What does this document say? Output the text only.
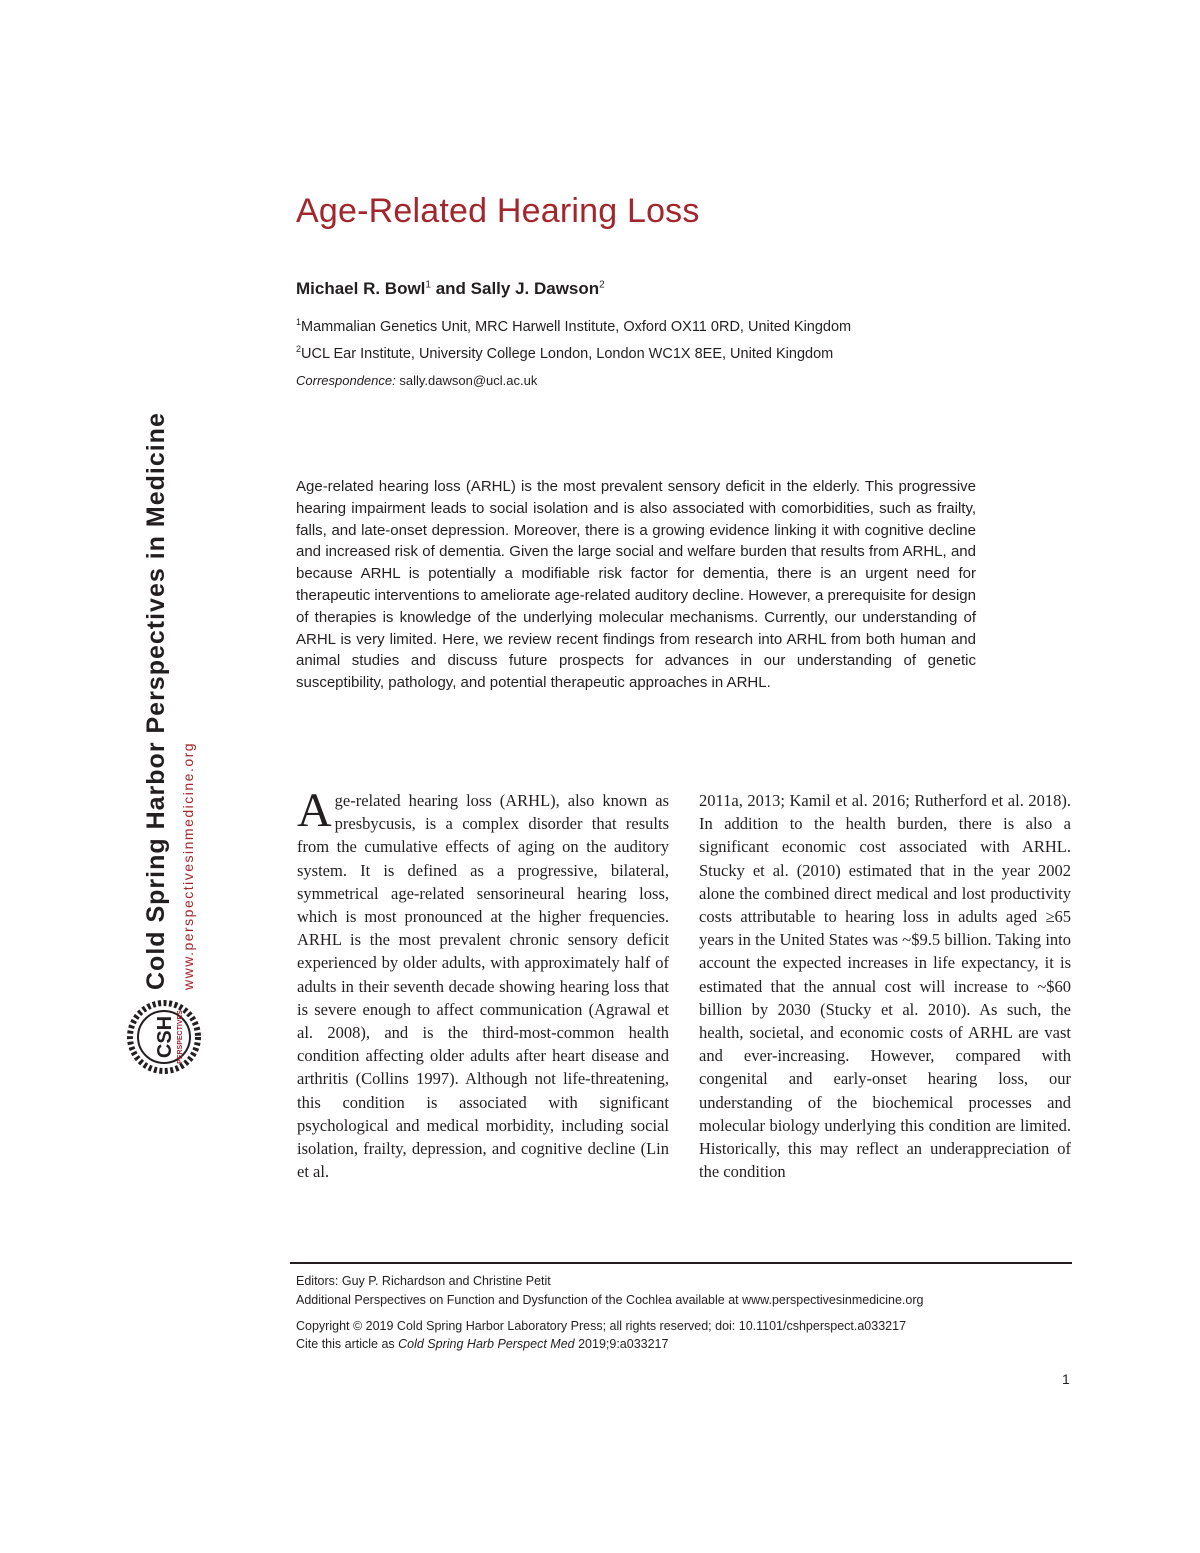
Cold Spring Harbor Perspectives in Medicine www.perspectivesinmedicine.org
CSH PERSPECTIVES
Age-Related Hearing Loss
Michael R. Bowl$^1$ and Sally J. Dawson$^2$
$^1$Mammalian Genetics Unit, MRC Harwell Institute, Oxford OX11 0RD, United Kingdom
$^2$UCL Ear Institute, University College London, London WC1X 8EE, United Kingdom
Correspondence: sally.dawson@ucl.ac.uk
Age-related hearing loss (ARHL) is the most prevalent sensory deficit in the elderly. This progressive hearing impairment leads to social isolation and is also associated with comorbidities, such as frailty, falls, and late-onset depression. Moreover, there is a growing evidence linking it with cognitive decline and increased risk of dementia. Given the large social and welfare burden that results from ARHL, and because ARHL is potentially a modifiable risk factor for dementia, there is an urgent need for therapeutic interventions to ameliorate age-related auditory decline. However, a prerequisite for design of therapies is knowledge of the underlying molecular mechanisms. Currently, our understanding of ARHL is very limited. Here, we review recent findings from research into ARHL from both human and animal studies and discuss future prospects for advances in our understanding of genetic susceptibility, pathology, and potential therapeutic approaches in ARHL.
Age-related hearing loss (ARHL), also known as presbycusis, is a complex disorder that results from the cumulative effects of aging on the auditory system. It is defined as a progressive, bilateral, symmetrical age-related sensorineural hearing loss, which is most pronounced at the higher frequencies. ARHL is the most prevalent chronic sensory deficit experienced by older adults, with approximately half of adults in their seventh decade showing hearing loss that is severe enough to affect communication (Agrawal et al. 2008), and is the third-most-common health condition affecting older adults after heart disease and arthritis (Collins 1997). Although not life-threatening, this condition is associated with significant psychological and medical morbidity, including social isolation, frailty, depression, and cognitive decline (Lin et al.
2011a, 2013; Kamil et al. 2016; Rutherford et al. 2018). In addition to the health burden, there is also a significant economic cost associated with ARHL. Stucky et al. (2010) estimated that in the year 2002 alone the combined direct medical and lost productivity costs attributable to hearing loss in adults aged ≥65 years in the United States was ~$9.5 billion. Taking into account the expected increases in life expectancy, it is estimated that the annual cost will increase to ~$60 billion by 2030 (Stucky et al. 2010). As such, the health, societal, and economic costs of ARHL are vast and ever-increasing. However, compared with congenital and early-onset hearing loss, our understanding of the biochemical processes and molecular biology underlying this condition are limited. Historically, this may reflect an underappreciation of the condition
Editors: Guy P. Richardson and Christine Petit
Additional Perspectives on Function and Dysfunction of the Cochlea available at www.perspectivesinmedicine.org
Copyright © 2019 Cold Spring Harbor Laboratory Press; all rights reserved; doi: 10.1101/cshperspect.a033217
Cite this article as Cold Spring Harb Perspect Med 2019;9:a033217
1
